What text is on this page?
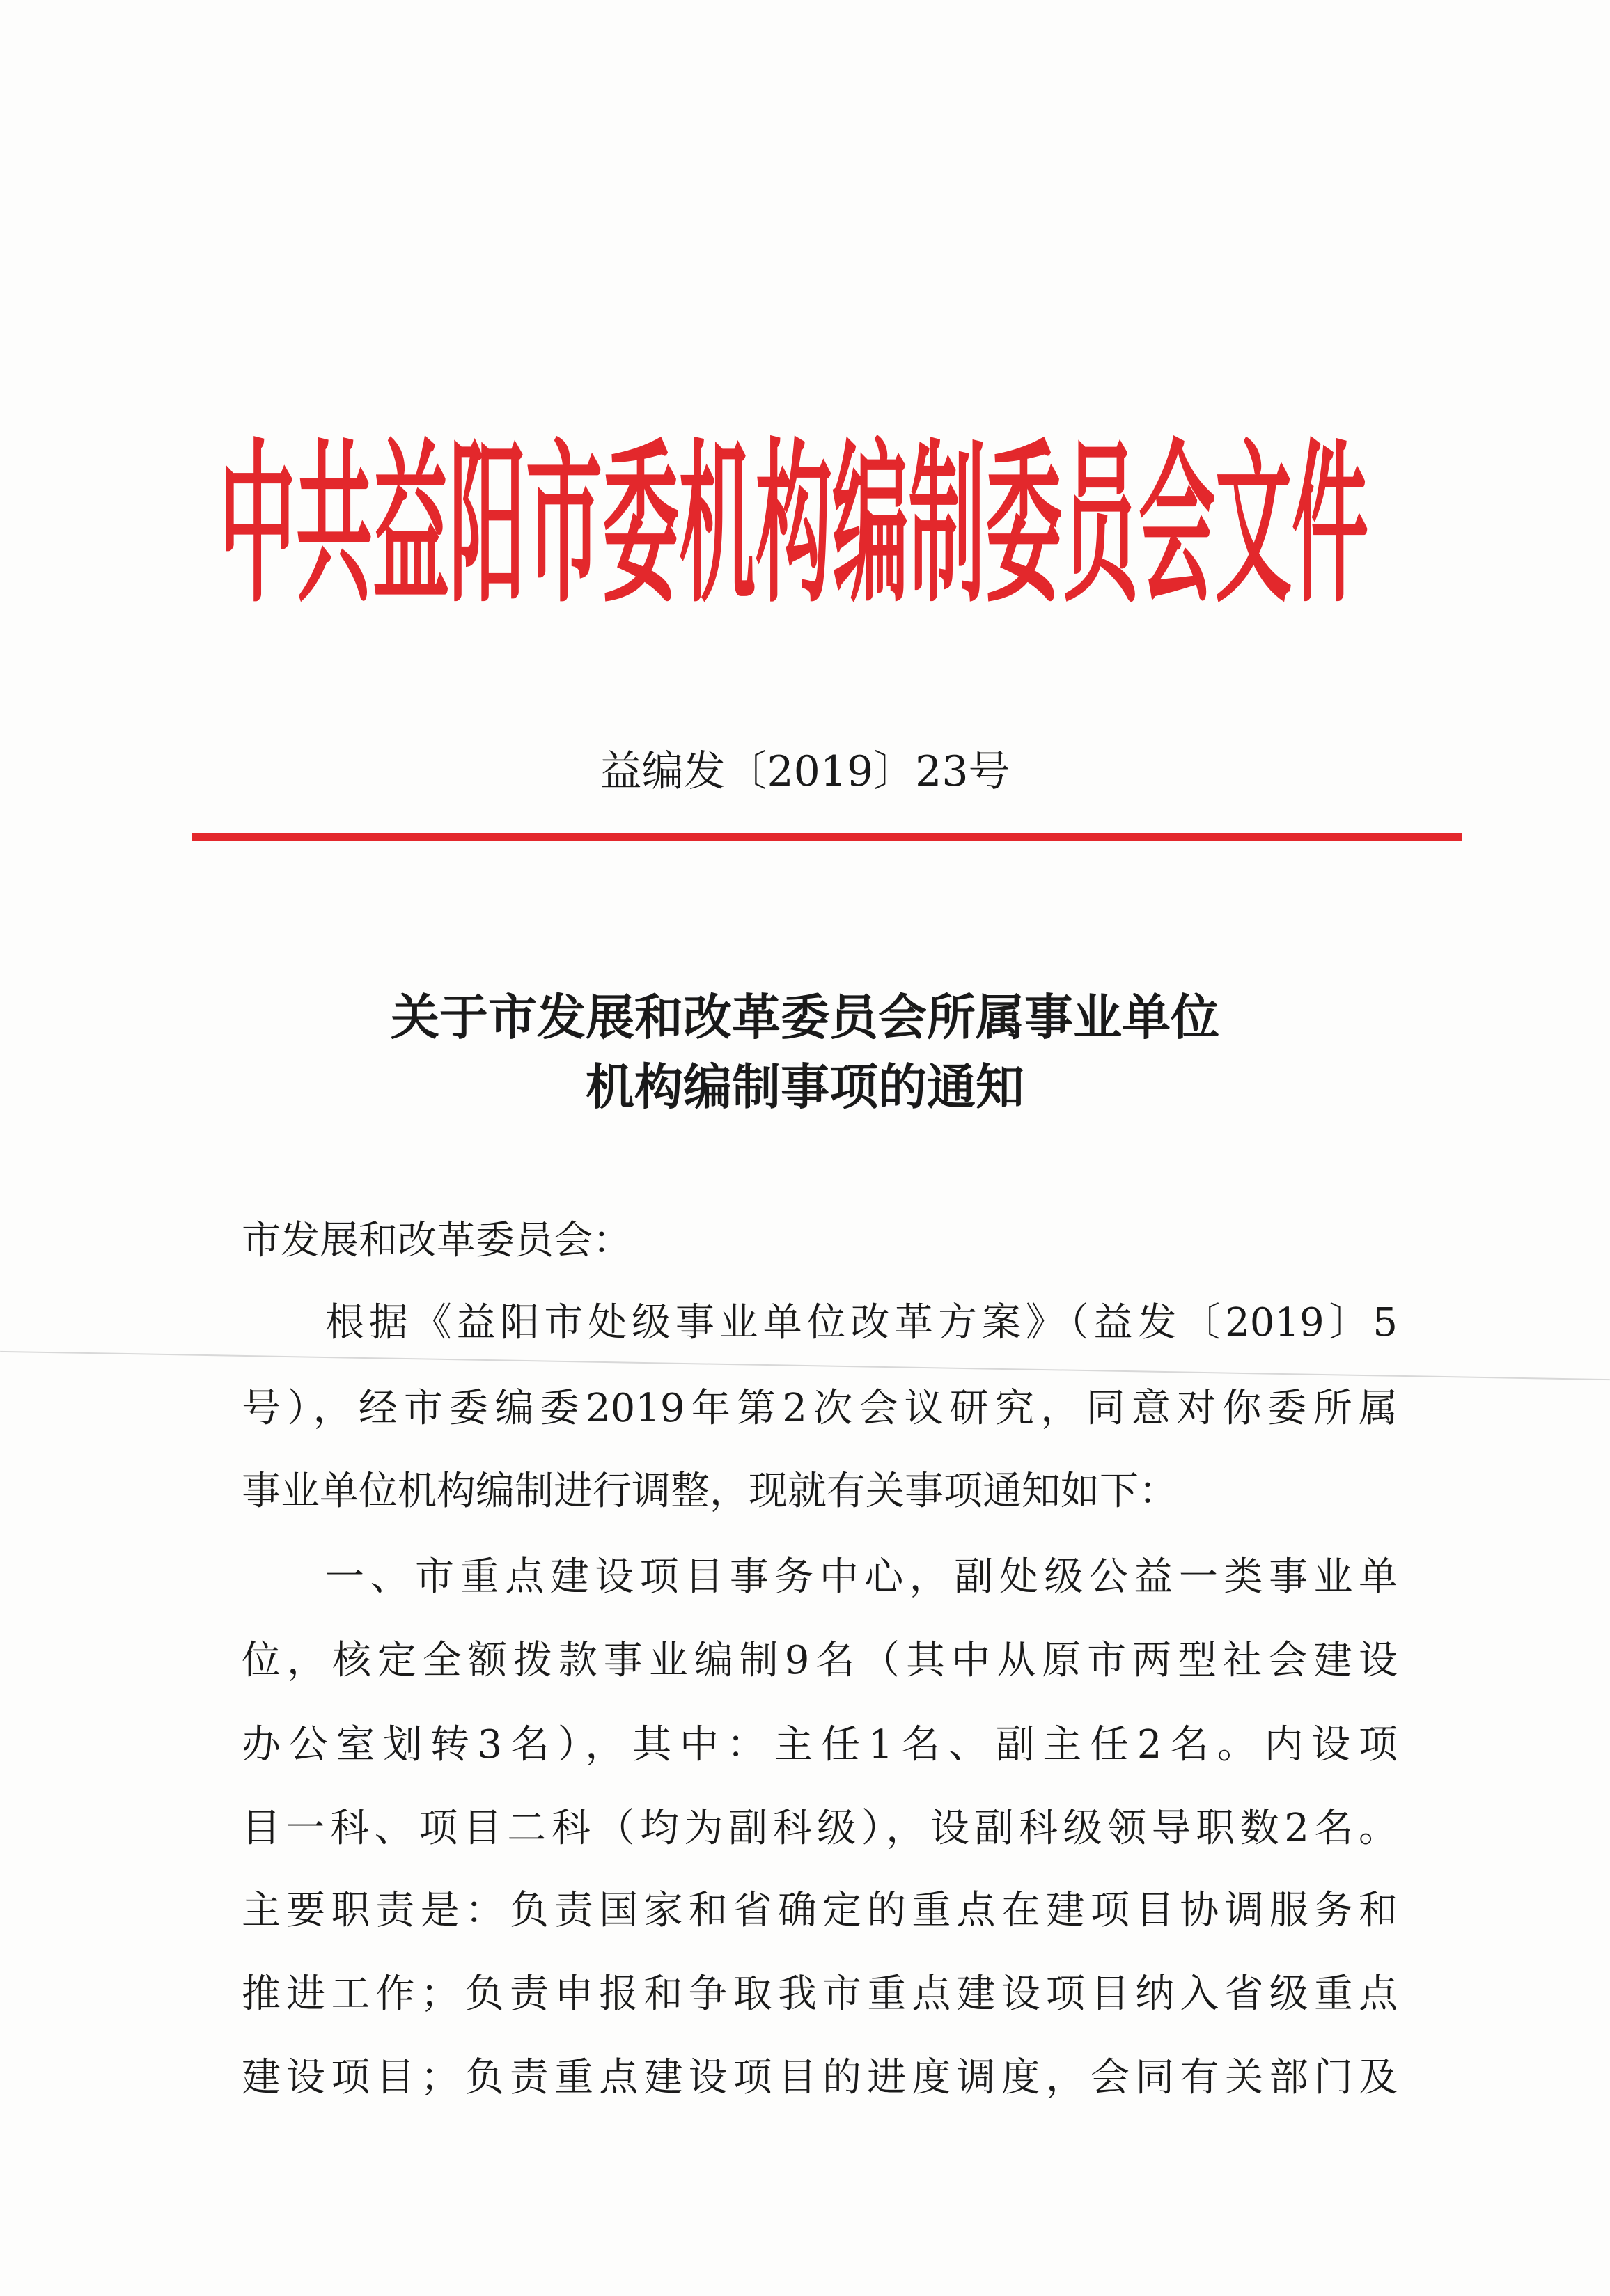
中共益阳市委机构编制委员会文件
益编发〔2019〕23号
关于市发展和改革委员会所属事业单位
机构编制事项的通知
市发展和改革委员会：
根据《益阳市处级事业单位改革方案》（益发〔2019〕5
号），经市委编委2019年第2次会议研究，同意对你委所属
事业单位机构编制进行调整，现就有关事项通知如下：
一、市重点建设项目事务中心，副处级公益一类事业单
位，核定全额拨款事业编制9名（其中从原市两型社会建设
办公室划转3名），其中：主任1名、副主任2名。内设项
目一科、项目二科（均为副科级），设副科级领导职数2名。
主要职责是：负责国家和省确定的重点在建项目协调服务和
推进工作；负责申报和争取我市重点建设项目纳入省级重点
建设项目；负责重点建设项目的进度调度，会同有关部门及
